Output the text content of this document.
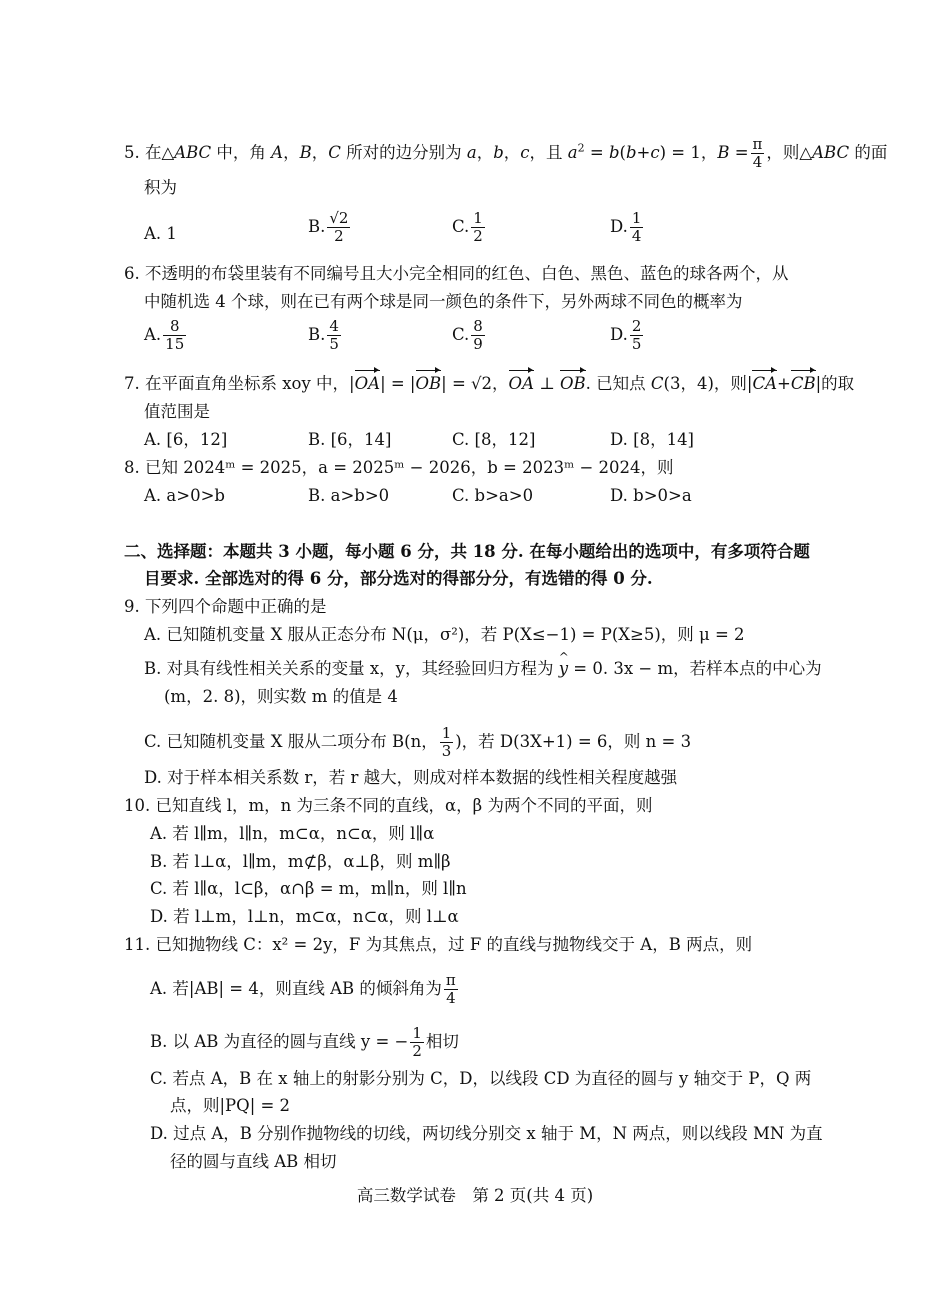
5. 在△ABC 中，角 A，B，C 所对的边分别为 a，b，c，且 $a^2 = b(b+c) = 1$，$B = \frac{\pi}{4}$ ，则△ABC 的面
积为
A. 1	B. $\frac{√2}{2}$	C. $\frac{1}{2}$	D. $\frac{1}{4}$
6. 不透明的布袋里装有不同编号且大小完全相同的红色、白色、黑色、蓝色的球各两个，从
中随机选 4 个球，则在已有两个球是同一颜色的条件下，另外两球不同色的概率为
A. $\frac{8}{15}$	B. $\frac{4}{5}$	C. $\frac{8}{9}$	D. $\frac{2}{5}$
7. 在平面直角坐标系 xoy 中，|OA| = |OB| = √2，OA ⊥ OB. 已知点 C(3，4)，则|CA+CB|的取
值范围是
A. [6，12]	B. [6，14]	C. [8，12]	D. [8，14]
8. 已知 2024ᵐ = 2025，a = 2025ᵐ − 2026，b = 2023ᵐ − 2024，则
A. a>0>b	B. a>b>0	C. b>a>0	D. b>0>a
二、选择题：本题共 3 小题，每小题 6 分，共 18 分. 在每小题给出的选项中，有多项符合题
目要求. 全部选对的得 6 分，部分选对的得部分分，有选错的得 0 分.
9. 下列四个命题中正确的是
A. 已知随机变量 X 服从正态分布 N(μ，σ²)，若 P(X≤−1) = P(X≥5)，则 μ = 2
B. 对具有线性相关关系的变量 x，y，其经验回归方程为 ^ y = 0. 3x − m，若样本点的中心为
(m，2. 8)，则实数 m 的值是 4
C. 已知随机变量 X 服从二项分布 B(n， $\frac{1}{3}$ )，若 D(3X+1) = 6，则 n = 3
D. 对于样本相关系数 r，若 r 越大，则成对样本数据的线性相关程度越强
10. 已知直线 l，m，n 为三条不同的直线，α，β 为两个不同的平面，则
A. 若 l∥m，l∥n，m⊂α，n⊂α，则 l∥α
B. 若 l⊥α，l∥m，m⊄β，α⊥β，则 m∥β
C. 若 l∥α，l⊂β，α∩β = m，m∥n，则 l∥n
D. 若 l⊥m，l⊥n，m⊂α，n⊂α，则 l⊥α
11. 已知抛物线 C：x² = 2y，F 为其焦点，过 F 的直线与抛物线交于 A，B 两点，则
A. 若|AB| = 4，则直线 AB 的倾斜角为 $\frac{\pi}{4}$
B. 以 AB 为直径的圆与直线 y = − $\frac{1}{2}$ 相切
C. 若点 A，B 在 x 轴上的射影分别为 C，D，以线段 CD 为直径的圆与 y 轴交于 P，Q 两
点，则|PQ| = 2
D. 过点 A，B 分别作抛物线的切线，两切线分别交 x 轴于 M，N 两点，则以线段 MN 为直
径的圆与直线 AB 相切
高三数学试卷　第 2 页(共 4 页)
